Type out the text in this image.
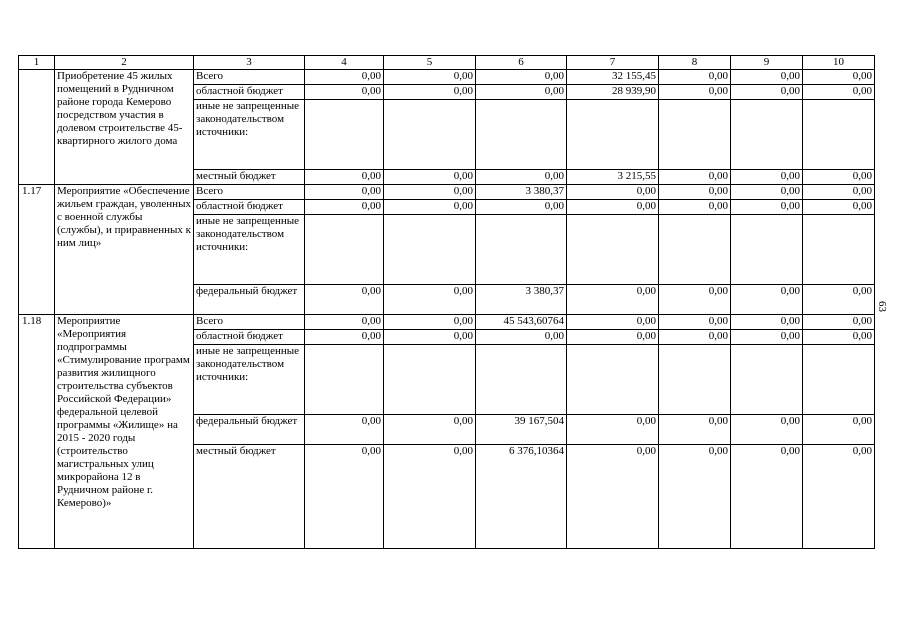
1	2	3	4	5	6	7	8	9	10
	Приобретение 45 жилых помещений в Рудничном районе города Кемерово посредством участия в долевом строительстве 45-квартирного жилого дома	Всего	0,00	0,00	0,00	32 155,45	0,00	0,00	0,00
		областной бюджет	0,00	0,00	0,00	28 939,90	0,00	0,00	0,00
		иные не запрещенные законодательством источники:							
		местный бюджет	0,00	0,00	0,00	3 215,55	0,00	0,00	0,00
1.17	Мероприятие «Обеспечение жильем граждан, уволенных с военной службы (службы), и приравненных к ним лиц»	Всего	0,00	0,00	3 380,37	0,00	0,00	0,00	0,00
		областной бюджет	0,00	0,00	0,00	0,00	0,00	0,00	0,00
		иные не запрещенные законодательством источники:							
		федеральный бюджет	0,00	0,00	3 380,37	0,00	0,00	0,00	0,00
1.18	Мероприятие «Мероприятия подпрограммы «Стимулирование программ развития жилищного строительства субъектов Российской Федерации» федеральной целевой программы «Жилище» на 2015 - 2020 годы (строительство магистральных улиц микрорайона 12 в Рудничном районе г. Кемерово)»	Всего	0,00	0,00	45 543,60764	0,00	0,00	0,00	0,00
		областной бюджет	0,00	0,00	0,00	0,00	0,00	0,00	0,00
		иные не запрещенные законодательством источники:							
		федеральный бюджет	0,00	0,00	39 167,504	0,00	0,00	0,00	0,00
		местный бюджет	0,00	0,00	6 376,10364	0,00	0,00	0,00	0,00
63
